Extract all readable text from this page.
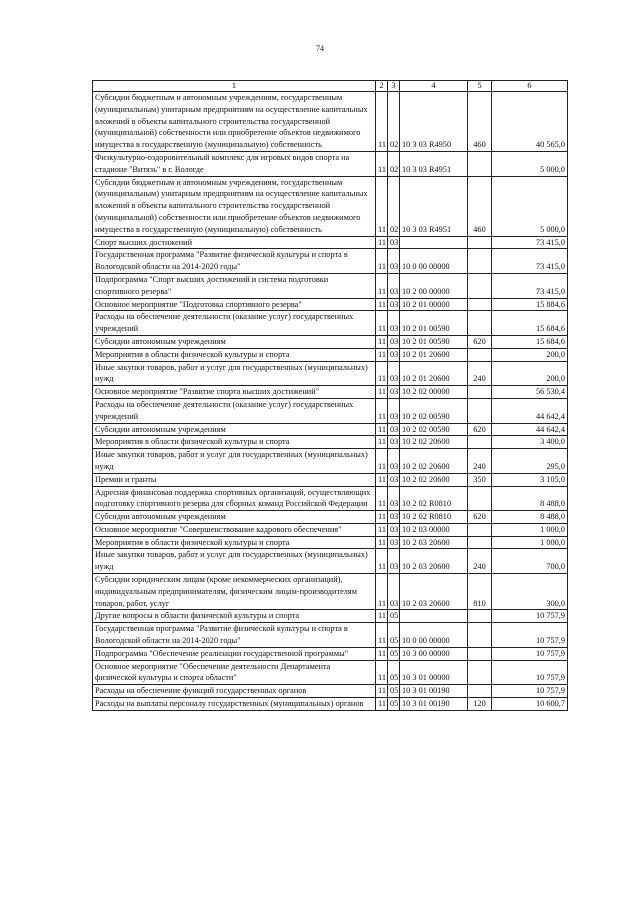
74
1	2	3	4	5	6
Субсидии бюджетным и автономным учреждениям, государственным (муниципальным) унитарным предприятиям на осуществление капитальных вложений в объекты капитального строительства государственной (муниципальной) собственности или приобретение объектов недвижимого имущества в государственную (муниципальную) собственность	11	02	10 3 03 R4950	460	40 565,0
Физкультурно-оздоровительный комплекс для игровых видов спорта на стадионе "Витязь" в г. Вологде	11	02	10 3 03 R4951		5 000,0
Субсидии бюджетным и автономным учреждениям, государственным (муниципальным) унитарным предприятиям на осуществление капитальных вложений в объекты капитального строительства государственной (муниципальной) собственности или приобретение объектов недвижимого имущества в государственную (муниципальную) собственность	11	02	10 3 03 R4951	460	5 000,0
Спорт высших достижений	11	03			73 415,0
Государственная программа "Развитие физической культуры и спорта в Вологодской области на 2014-2020 годы"	11	03	10 0 00 00000		73 415,0
Подпрограмма "Спорт высших достижений и система подготовки спортивного резерва"	11	03	10 2 00 00000		73 415,0
Основное мероприятие "Подготовка спортивного резерва"	11	03	10 2 01 00000		15 884,6
Расходы на обеспечение деятельности (оказание услуг) государственных учреждений	11	03	10 2 01 00590		15 684,6
Субсидии автономным учреждениям	11	03	10 2 01 00590	620	15 684,6
Мероприятия в области физической культуры и спорта	11	03	10 2 01 20600		200,0
Иные закупки товаров, работ и услуг для государственных (муниципальных) нужд	11	03	10 2 01 20600	240	200,0
Основное мероприятие "Развитие спорта высших достижений"	11	03	10 2 02 00000		56 530,4
Расходы на обеспечение деятельности (оказание услуг) государственных учреждений	11	03	10 2 02 00590		44 642,4
Субсидии автономным учреждениям	11	03	10 2 02 00590	620	44 642,4
Мероприятия в области физической культуры и спорта	11	03	10 2 02 20600		3 400,0
Иные закупки товаров, работ и услуг для государственных (муниципальных) нужд	11	03	10 2 02 20600	240	295,0
Премии и гранты	11	03	10 2 02 20600	350	3 105,0
Адресная финансовая поддержка спортивных организаций, осуществляющих подготовку спортивного резерва для сборных команд Российской Федерации	11	03	10 2 02 R0810		8 488,0
Субсидии автономным учреждениям	11	03	10 2 02 R0810	620	8 488,0
Основное мероприятие "Совершенствование кадрового обеспечения"	11	03	10 2 03 00000		1 000,0
Мероприятия в области физической культуры и спорта	11	03	10 2 03 20600		1 000,0
Иные закупки товаров, работ и услуг для государственных (муниципальных) нужд	11	03	10 2 03 20600	240	700,0
Субсидии юридическим лицам (кроме некоммерческих организаций), индивидуальным предпринимателям, физическим лицам-производителям товаров, работ, услуг	11	03	10 2 03 20600	810	300,0
Другие вопросы в области физической культуры и спорта	11	05			10 757,9
Государственная программа "Развитие физической культуры и спорта в Вологодской области на 2014-2020 годы"	11	05	10 0 00 00000		10 757,9
Подпрограмма "Обеспечение реализации государственной программы"	11	05	10 3 00 00000		10 757,9
Основное мероприятие "Обеспечение деятельности Департамента физической культуры и спорта области"	11	05	10 3 01 00000		10 757,9
Расходы на обеспечение функций государственных органов	11	05	10 3 01 00190		10 757,9
Расходы на выплаты персоналу государственных (муниципальных) органов	11	05	10 3 01 00190	120	10 600,7
